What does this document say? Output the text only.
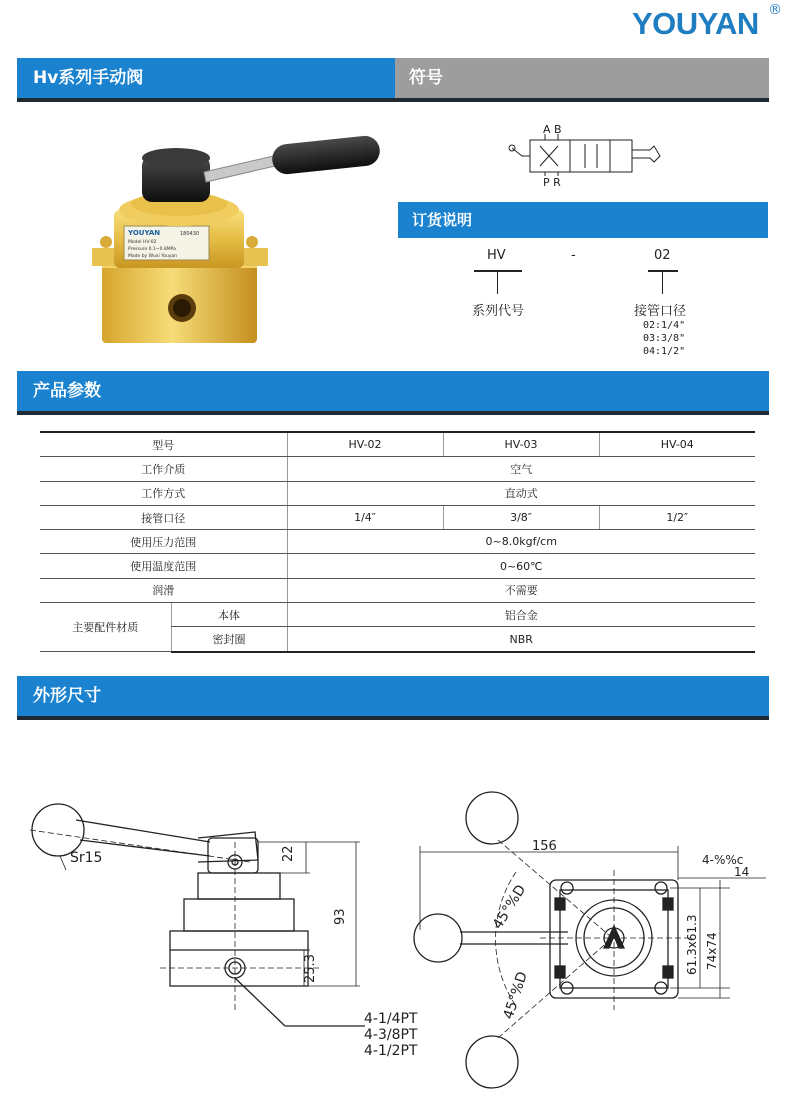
YOUYAN ®
Hv系列手动阀	符号
YOUYAN	180430
Model HV-02
Pressure 0.1~0.8MPa
Made by Wuxi Youyan
A B
P R
订货说明
HV	-	02
系列代号	接管口径
02:1/4"
03:3/8"
04:1/2"
产品参数
型号		HV-02	HV-03	HV-04
工作介质		空气		
工作方式		直动式		
接管口径		1/4″	3/8″	1/2″
使用压力范围		0~8.0kgf/cm		
使用温度范围		0~60℃		
润滑		不需要		
主要配件材质	本体	铝合金		
	密封圈	NBR		
外形尺寸
Sr15	22
93
25.3
4-1/4PT
4-3/8PT
4-1/2PT
156
4-%%c
14
61.3x61.3 74x74
45°%D
45°%D
